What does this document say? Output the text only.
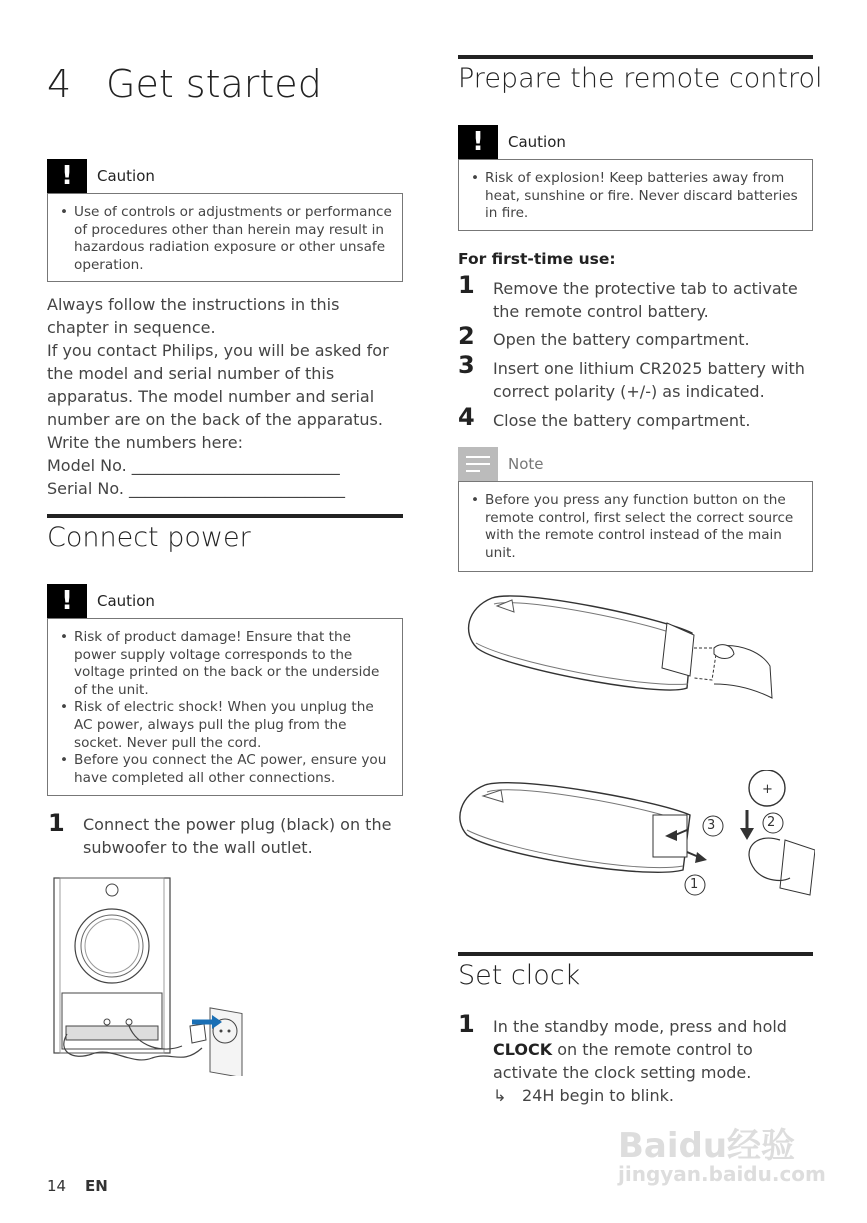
4 Get started
!	Caution
• Use of controls or adjustments or performance of procedures other than herein may result in hazardous radiation exposure or other unsafe operation.
Always follow the instructions in this chapter in sequence.
If you contact Philips, you will be asked for the model and serial number of this apparatus. The model number and serial number are on the back of the apparatus. Write the numbers here:
Model No. __________________________
Serial No. ___________________________
Connect power
!	Caution
• Risk of product damage! Ensure that the power supply voltage corresponds to the voltage printed on the back or the underside of the unit.
• Risk of electric shock! When you unplug the AC power, always pull the plug from the socket. Never pull the cord.
• Before you connect the AC power, ensure you have completed all other connections.
1 Connect the power plug (black) on the subwoofer to the wall outlet.
Prepare the remote control
!	Caution
• Risk of explosion! Keep batteries away from heat, sunshine or fire. Never discard batteries in fire.
For first-time use:
1 Remove the protective tab to activate the remote control battery.
2 Open the battery compartment.
3 Insert one lithium CR2025 battery with correct polarity (+/-) as indicated.
4 Close the battery compartment.
Note
• Before you press any function button on the remote control, first select the correct source with the remote control instead of the main unit.
+
3	2
1
Set clock
1 In the standby mode, press and hold CLOCK on the remote control to activate the clock setting mode.
↳ 24H begin to blink.
14 EN
Baidu经验
jingyan.baidu.com
